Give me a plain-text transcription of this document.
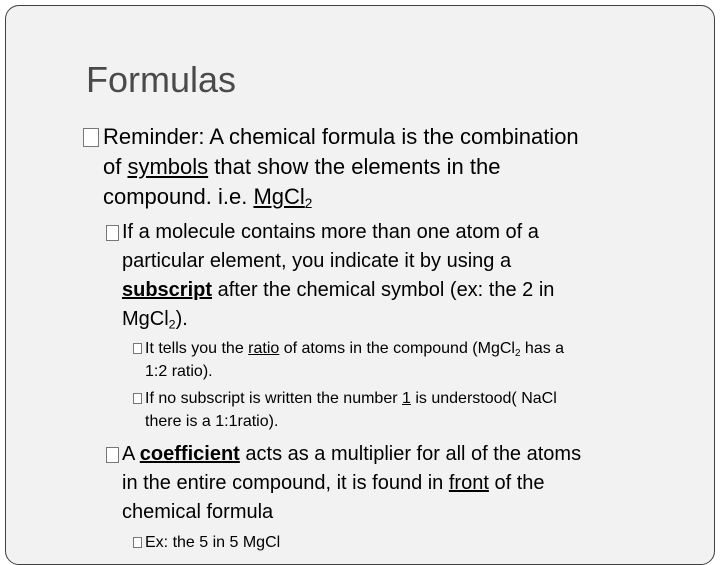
Formulas
Reminder: A chemical formula is the combination
of symbols that show the elements in the
compound. i.e. MgCl$_2$
If a molecule contains more than one atom of a
particular element, you indicate it by using a
subscript after the chemical symbol (ex: the 2 in
MgCl$_2$).
It tells you the ratio of atoms in the compound (MgCl$_2$ has a
1:2 ratio).
If no subscript is written the number 1 is understood( NaCl
there is a 1:1ratio).
A coefficient acts as a multiplier for all of the atoms
in the entire compound, it is found in front of the
chemical formula
Ex: the 5 in 5 MgCl
